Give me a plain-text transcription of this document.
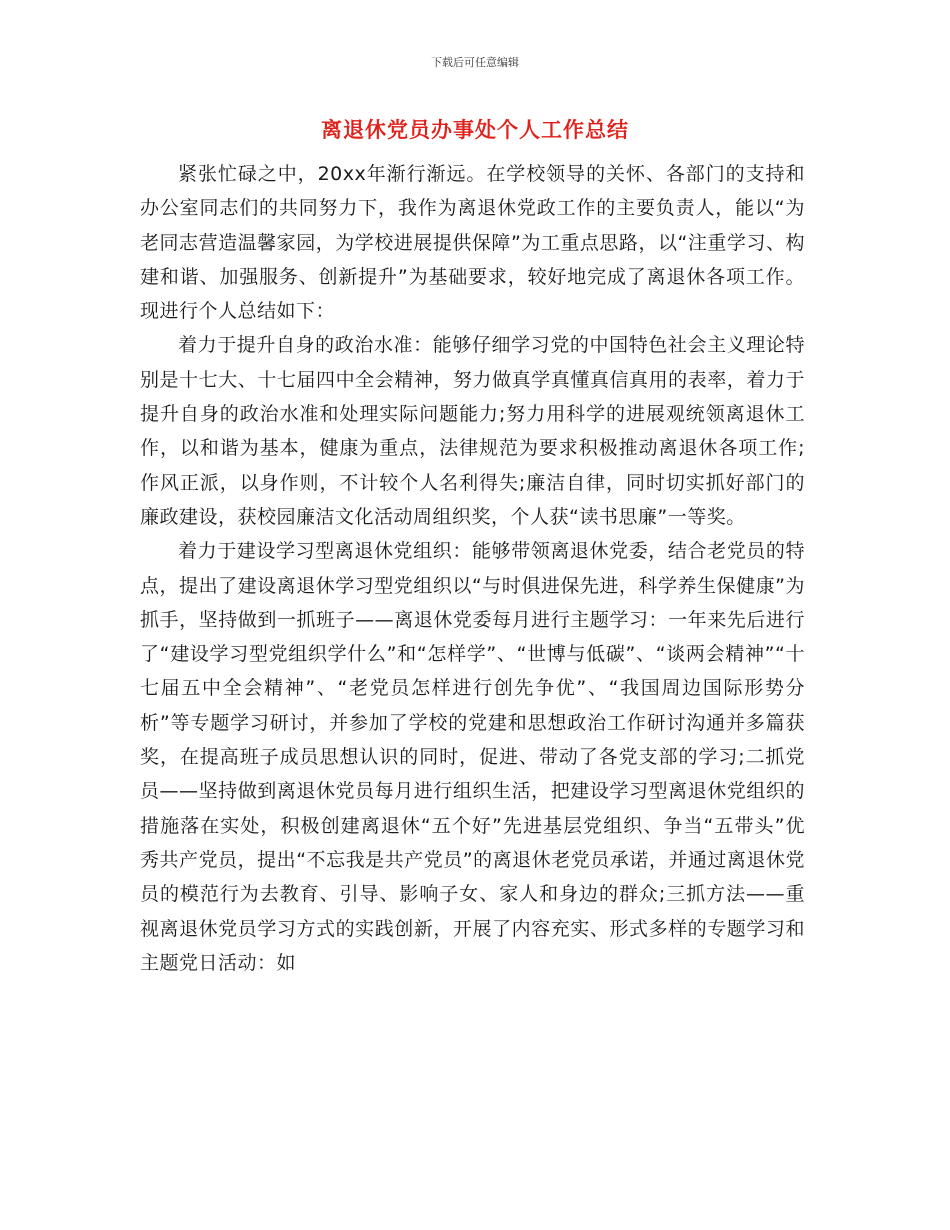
下载后可任意编辑
离退休党员办事处个人工作总结

紧张忙碌之中，20xx年渐行渐远。在学校领导的关怀、各部门的支持和办公室同志们的共同努力下，我作为离退休党政工作的主要负责人，能以“为老同志营造温馨家园，为学校进展提供保障”为工重点思路，以“注重学习、构建和谐、加强服务、创新提升”为基础要求，较好地完成了离退休各项工作。现进行个人总结如下：

着力于提升自身的政治水准：能够仔细学习党的中国特色社会主义理论特别是十七大、十七届四中全会精神，努力做真学真懂真信真用的表率，着力于提升自身的政治水准和处理实际问题能力;努力用科学的进展观统领离退休工作，以和谐为基本，健康为重点，法律规范为要求积极推动离退休各项工作;作风正派，以身作则，不计较个人名利得失;廉洁自律，同时切实抓好部门的廉政建设，获校园廉洁文化活动周组织奖，个人获“读书思廉”一等奖。

着力于建设学习型离退休党组织：能够带领离退休党委，结合老党员的特点，提出了建设离退休学习型党组织以“与时俱进保先进，科学养生保健康”为抓手，坚持做到一抓班子——离退休党委每月进行主题学习：一年来先后进行了“建设学习型党组织学什么”和“怎样学”、“世博与低碳”、“谈两会精神”“十七届五中全会精神”、“老党员怎样进行创先争优”、“我国周边国际形势分析”等专题学习研讨，并参加了学校的党建和思想政治工作研讨沟通并多篇获奖，在提高班子成员思想认识的同时，促进、带动了各党支部的学习;二抓党员——坚持做到离退休党员每月进行组织生活，把建设学习型离退休党组织的措施落在实处，积极创建离退休“五个好”先进基层党组织、争当“五带头”优秀共产党员，提出“不忘我是共产党员”的离退休老党员承诺，并通过离退休党员的模范行为去教育、引导、影响子女、家人和身边的群众;三抓方法——重视离退休党员学习方式的实践创新，开展了内容充实、形式多样的专题学习和主题党日活动：如
